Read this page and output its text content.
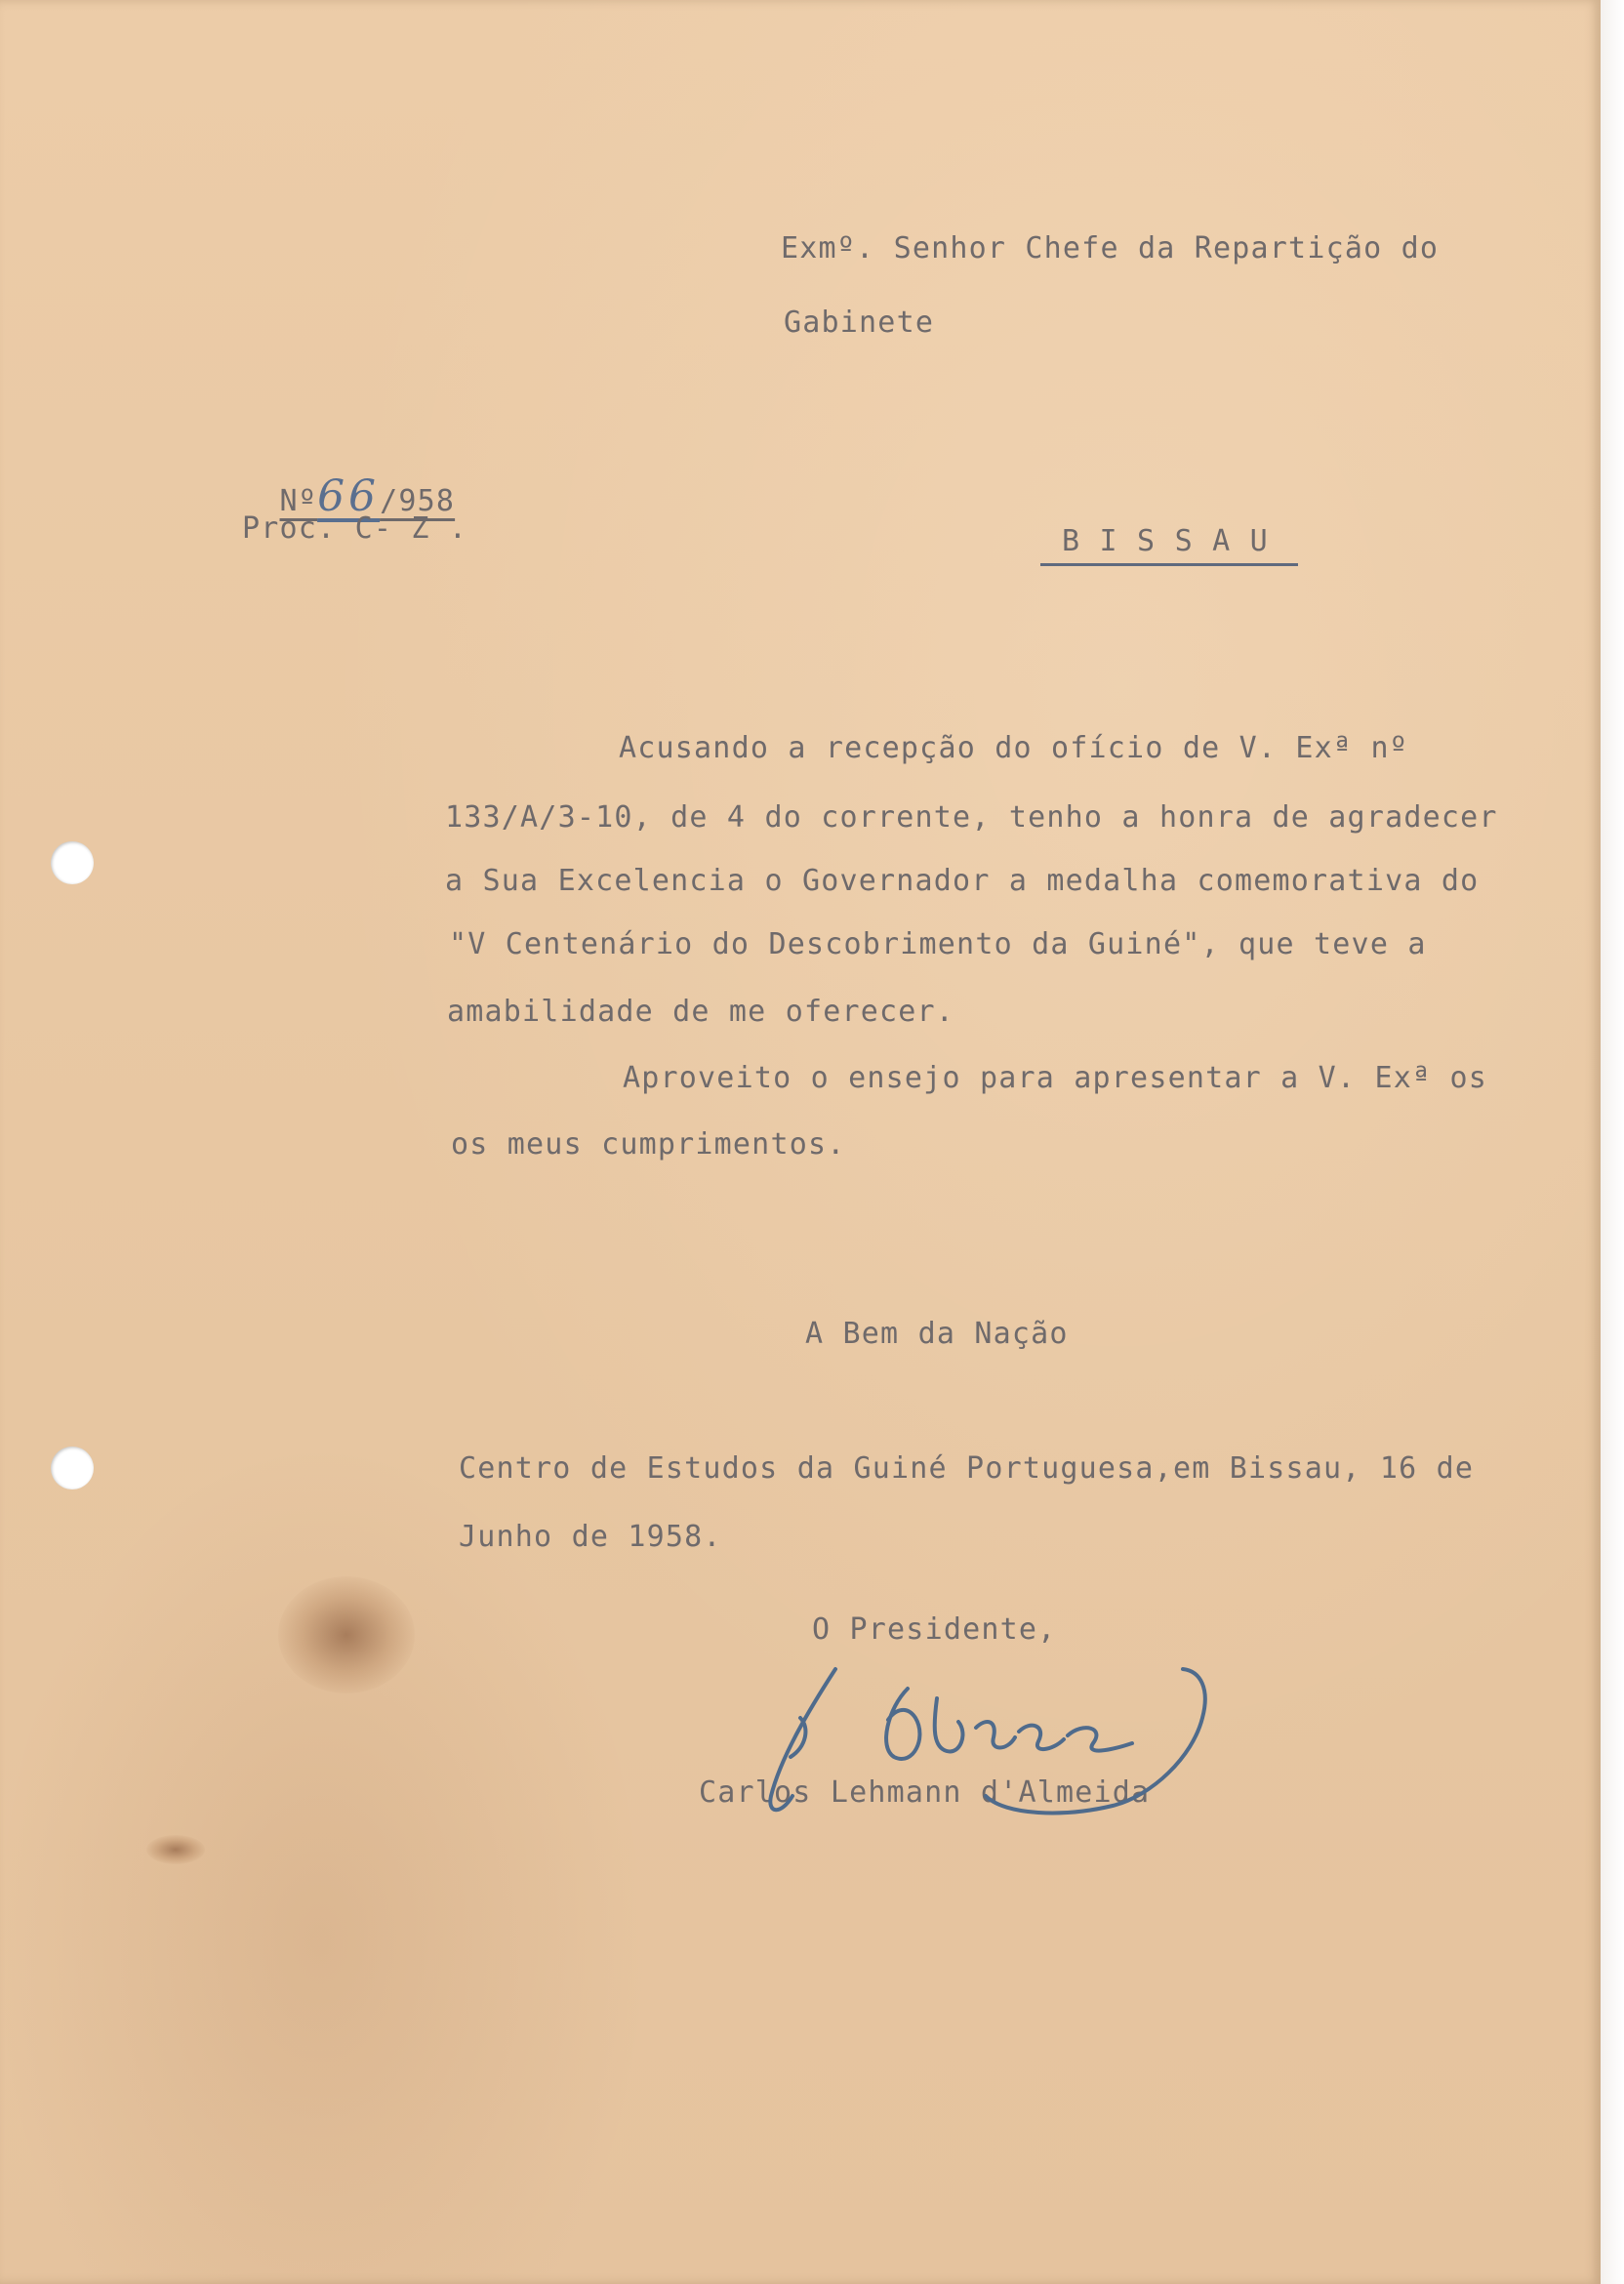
Exmº. Senhor Chefe da Repartição do
Gabinete

Nº66/958

Proc. C- Z .	B I S S A U
Acusando a recepção do ofício de V. Exª nº
133/A/3-10, de 4 do corrente, tenho a honra de agradecer
a Sua Excelencia o Governador a medalha comemorativa do
"V Centenário do Descobrimento da Guiné", que teve a
amabilidade de me oferecer.
Aproveito o ensejo para apresentar a V. Exª os
os meus cumprimentos.
A Bem da Nação
Centro de Estudos da Guiné Portuguesa,em Bissau, 16 de
Junho de 1958.
O Presidente,
Carlos Lehmann d'Almeida
